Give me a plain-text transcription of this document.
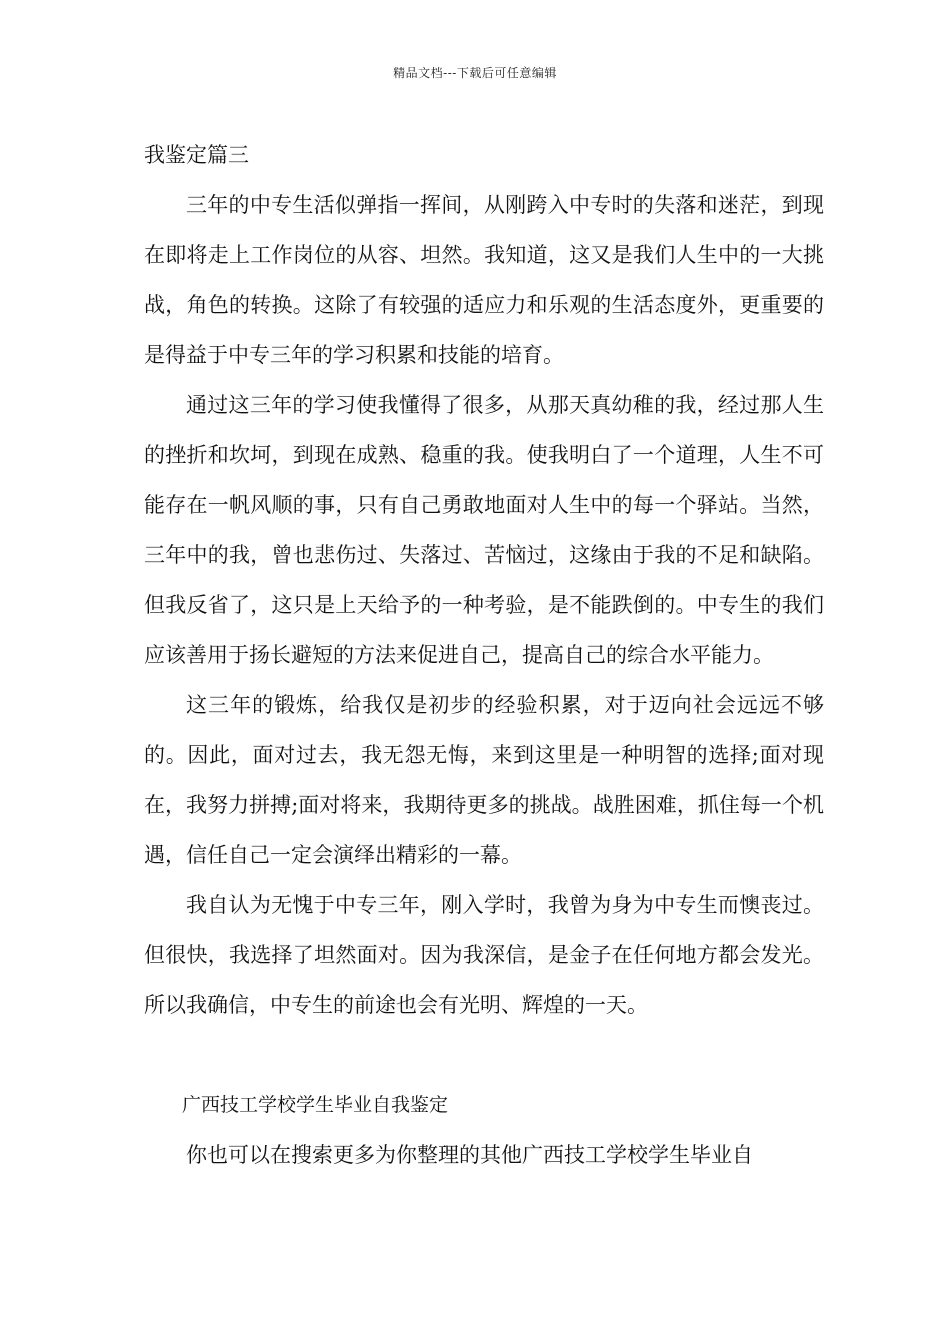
精品文档---下载后可任意编辑

我鉴定篇三

三年的中专生活似弹指一挥间，从刚跨入中专时的失落和迷茫，到现在即将走上工作岗位的从容、坦然。我知道，这又是我们人生中的一大挑战，角色的转换。这除了有较强的适应力和乐观的生活态度外，更重要的是得益于中专三年的学习积累和技能的培育。

通过这三年的学习使我懂得了很多，从那天真幼稚的我，经过那人生的挫折和坎坷，到现在成熟、稳重的我。使我明白了一个道理，人生不可能存在一帆风顺的事，只有自己勇敢地面对人生中的每一个驿站。当然，三年中的我，曾也悲伤过、失落过、苦恼过，这缘由于我的不足和缺陷。但我反省了，这只是上天给予的一种考验，是不能跌倒的。中专生的我们应该善用于扬长避短的方法来促进自己，提高自己的综合水平能力。

这三年的锻炼，给我仅是初步的经验积累，对于迈向社会远远不够的。因此，面对过去，我无怨无悔，来到这里是一种明智的选择;面对现在，我努力拼搏;面对将来，我期待更多的挑战。战胜困难，抓住每一个机遇，信任自己一定会演绎出精彩的一幕。

我自认为无愧于中专三年，刚入学时，我曾为身为中专生而懊丧过。但很快，我选择了坦然面对。因为我深信，是金子在任何地方都会发光。所以我确信，中专生的前途也会有光明、辉煌的一天。

广西技工学校学生毕业自我鉴定

你也可以在搜索更多为你整理的其他广西技工学校学生毕业自
